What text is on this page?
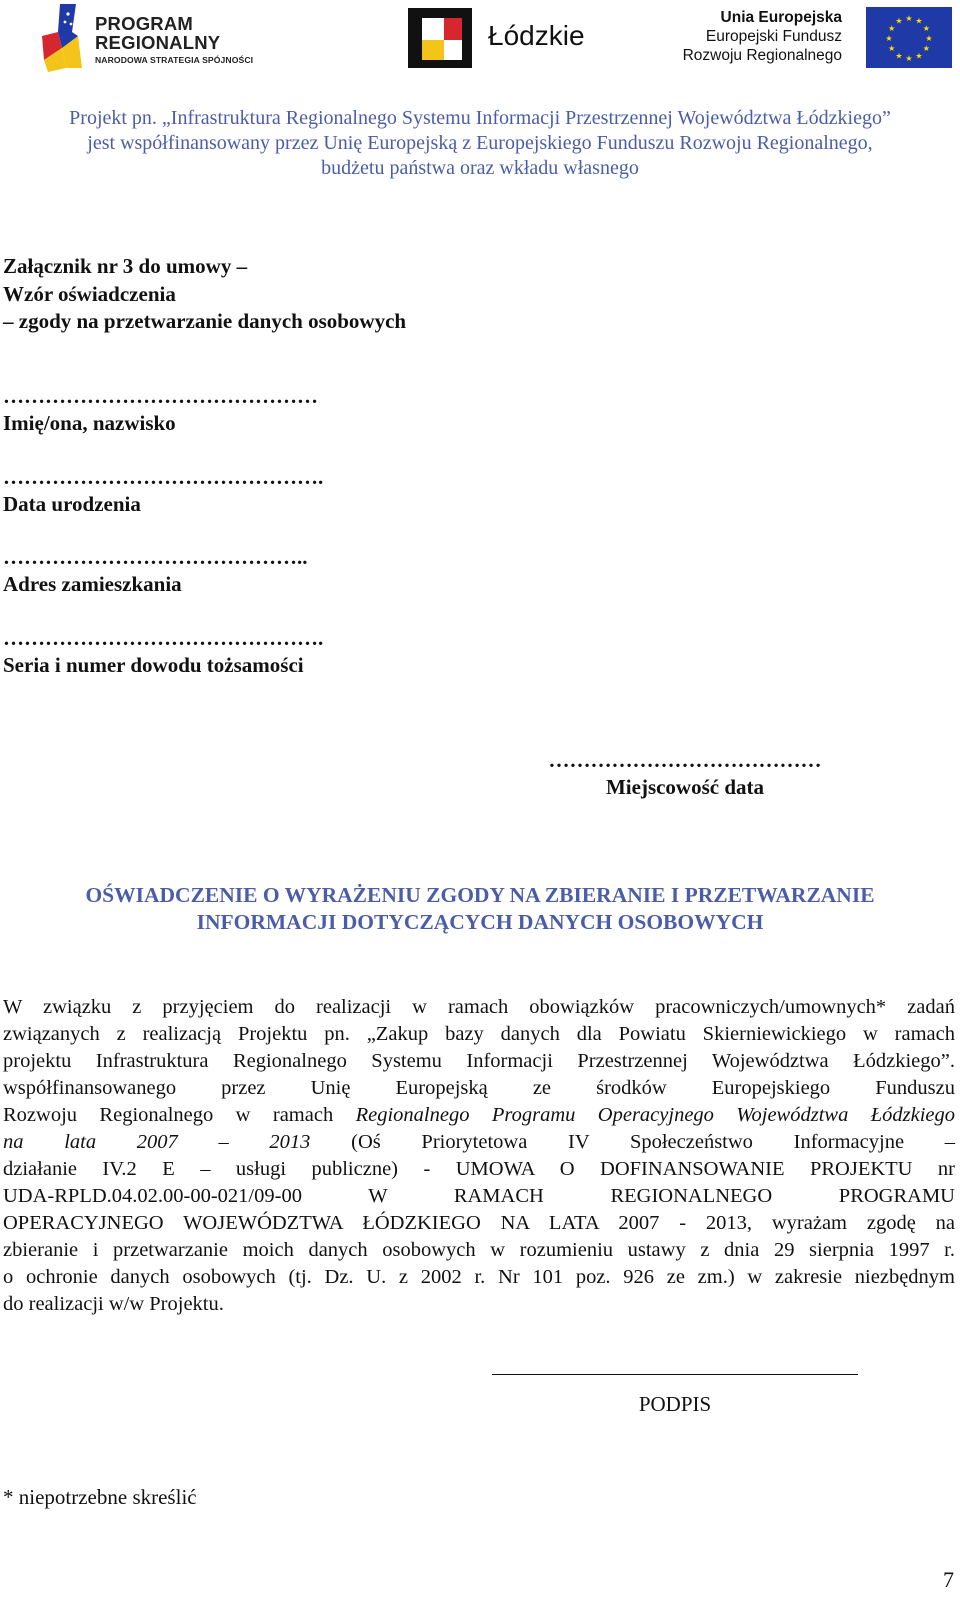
PROGRAM
REGIONALNY
NARODOWA STRATEGIA SPÓJNOŚCI
Łódzkie
Unia Europejska
Europejski Fundusz
Rozwoju Regionalnego
★ ★
★
★
★
★
★
★
★
★
★
★
Projekt pn. „Infrastruktura Regionalnego Systemu Informacji Przestrzennej Województwa Łódzkiego”
jest współfinansowany przez Unię Europejską z Europejskiego Funduszu Rozwoju Regionalnego,
budżetu państwa oraz wkładu własnego
Załącznik nr 3 do umowy –
Wzór oświadczenia
– zgody na przetwarzanie danych osobowych
………………………………………
Imię/ona, nazwisko
……………………………………….
Data urodzenia
……………………………………..
Adres zamieszkania
……………………………………….
Seria i numer dowodu tożsamości
…………………………………
Miejscowość data
OŚWIADCZENIE O WYRAŻENIU ZGODY NA ZBIERANIE I PRZETWARZANIE
INFORMACJI DOTYCZĄCYCH DANYCH OSOBOWYCH
W związku z przyjęciem do realizacji w ramach obowiązków pracowniczych/umownych* zadań
związanych z realizacją Projektu pn. „Zakup bazy danych dla Powiatu Skierniewickiego w ramach
projektu Infrastruktura Regionalnego Systemu Informacji Przestrzennej Województwa Łódzkiego”.
współfinansowanego przez Unię Europejską ze środków Europejskiego Funduszu
Rozwoju Regionalnego w ramach Regionalnego Programu Operacyjnego Województwa Łódzkiego
na lata 2007 – 2013 (Oś Priorytetowa IV Społeczeństwo Informacyjne –
działanie IV.2 E – usługi publiczne) - UMOWA O DOFINANSOWANIE PROJEKTU nr
UDA-RPLD.04.02.00-00-021/09-00 W RAMACH REGIONALNEGO PROGRAMU
OPERACYJNEGO WOJEWÓDZTWA ŁÓDZKIEGO NA LATA 2007 - 2013, wyrażam zgodę na
zbieranie i przetwarzanie moich danych osobowych w rozumieniu ustawy z dnia 29 sierpnia 1997 r.
o ochronie danych osobowych (tj. Dz. U. z 2002 r. Nr 101 poz. 926 ze zm.) w zakresie niezbędnym
do realizacji w/w Projektu.
PODPIS
* niepotrzebne skreślić
7
